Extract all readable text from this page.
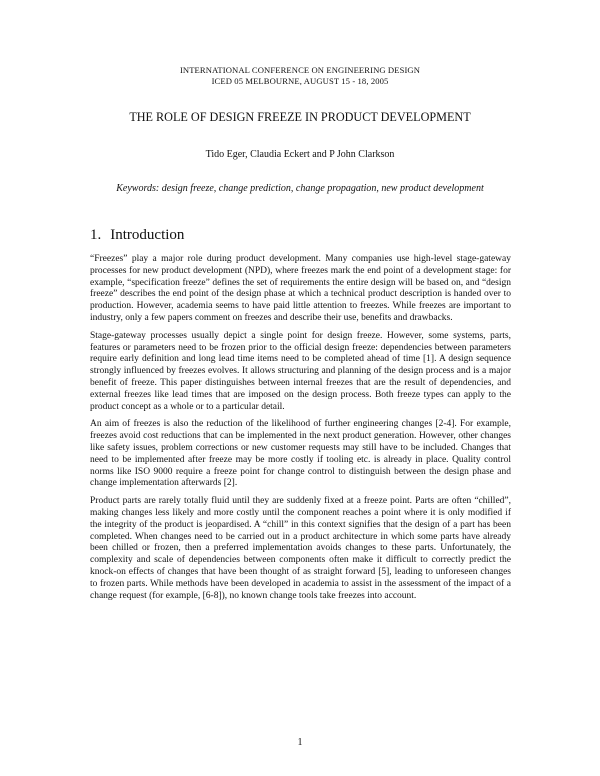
INTERNATIONAL CONFERENCE ON ENGINEERING DESIGN
ICED 05 MELBOURNE, AUGUST 15 - 18, 2005
THE ROLE OF DESIGN FREEZE IN PRODUCT DEVELOPMENT
Tido Eger, Claudia Eckert and P John Clarkson
Keywords: design freeze, change prediction, change propagation, new product development
1. Introduction

“Freezes” play a major role during product development. Many companies use high-level stage-gateway processes for new product development (NPD), where freezes mark the end point of a development stage: for example, “specification freeze” defines the set of requirements the entire design will be based on, and “design freeze” describes the end point of the design phase at which a technical product description is handed over to production. However, academia seems to have paid little attention to freezes. While freezes are important to industry, only a few papers comment on freezes and describe their use, benefits and drawbacks.

Stage-gateway processes usually depict a single point for design freeze. However, some systems, parts, features or parameters need to be frozen prior to the official design freeze: dependencies between parameters require early definition and long lead time items need to be completed ahead of time [1]. A design sequence strongly influenced by freezes evolves. It allows structuring and planning of the design process and is a major benefit of freeze. This paper distinguishes between internal freezes that are the result of dependencies, and external freezes like lead times that are imposed on the design process. Both freeze types can apply to the product concept as a whole or to a particular detail.

An aim of freezes is also the reduction of the likelihood of further engineering changes [2-4]. For example, freezes avoid cost reductions that can be implemented in the next product generation. However, other changes like safety issues, problem corrections or new customer requests may still have to be included. Changes that need to be implemented after freeze may be more costly if tooling etc. is already in place. Quality control norms like ISO 9000 require a freeze point for change control to distinguish between the design phase and change implementation afterwards [2].

Product parts are rarely totally fluid until they are suddenly fixed at a freeze point. Parts are often “chilled”, making changes less likely and more costly until the component reaches a point where it is only modified if the integrity of the product is jeopardised. A “chill” in this context signifies that the design of a part has been completed. When changes need to be carried out in a product architecture in which some parts have already been chilled or frozen, then a preferred implementation avoids changes to these parts. Unfortunately, the complexity and scale of dependencies between components often make it difficult to correctly predict the knock-on effects of changes that have been thought of as straight forward [5], leading to unforeseen changes to frozen parts. While methods have been developed in academia to assist in the assessment of the impact of a change request (for example, [6-8]), no known change tools take freezes into account.

1
